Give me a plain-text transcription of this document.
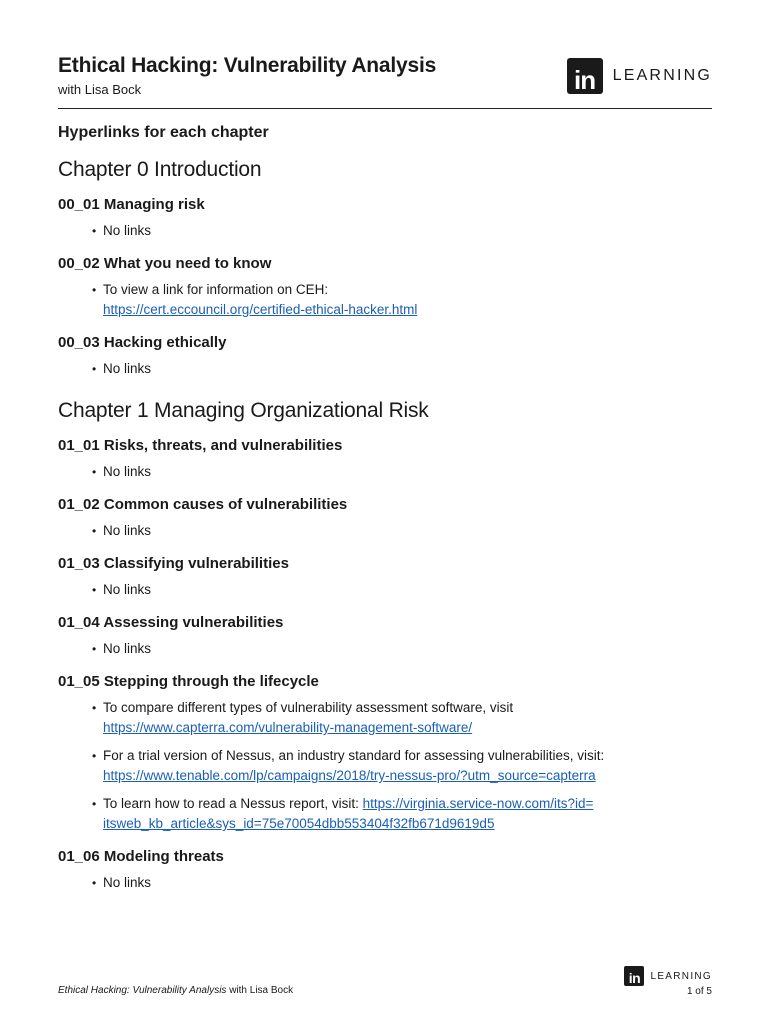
Ethical Hacking: Vulnerability Analysis
with Lisa Bock	in	LEARNING
Hyperlinks for each chapter
Chapter 0 Introduction
00_01 Managing risk
• No links
00_02 What you need to know
• To view a link for information on CEH:
https://cert.eccouncil.org/certified-ethical-hacker.html
00_03 Hacking ethically
• No links
Chapter 1 Managing Organizational Risk
01_01 Risks, threats, and vulnerabilities
• No links
01_02 Common causes of vulnerabilities
• No links
01_03 Classifying vulnerabilities
• No links
01_04 Assessing vulnerabilities
• No links
01_05 Stepping through the lifecycle
• To compare different types of vulnerability assessment software, visit
https://www.capterra.com/vulnerability-management-software/
• For a trial version of Nessus, an industry standard for assessing vulnerabilities, visit:
https://www.tenable.com/lp/campaigns/2018/try-nessus-pro/?utm_source=capterra
• To learn how to read a Nessus report, visit: https://virginia.service-now.com/its?id=
itsweb_kb_article&sys_id=75e70054dbb553404f32fb671d9619d5
01_06 Modeling threats
• No links
Ethical Hacking: Vulnerability Analysis with Lisa Bock
in	LEARNING
1 of 5
